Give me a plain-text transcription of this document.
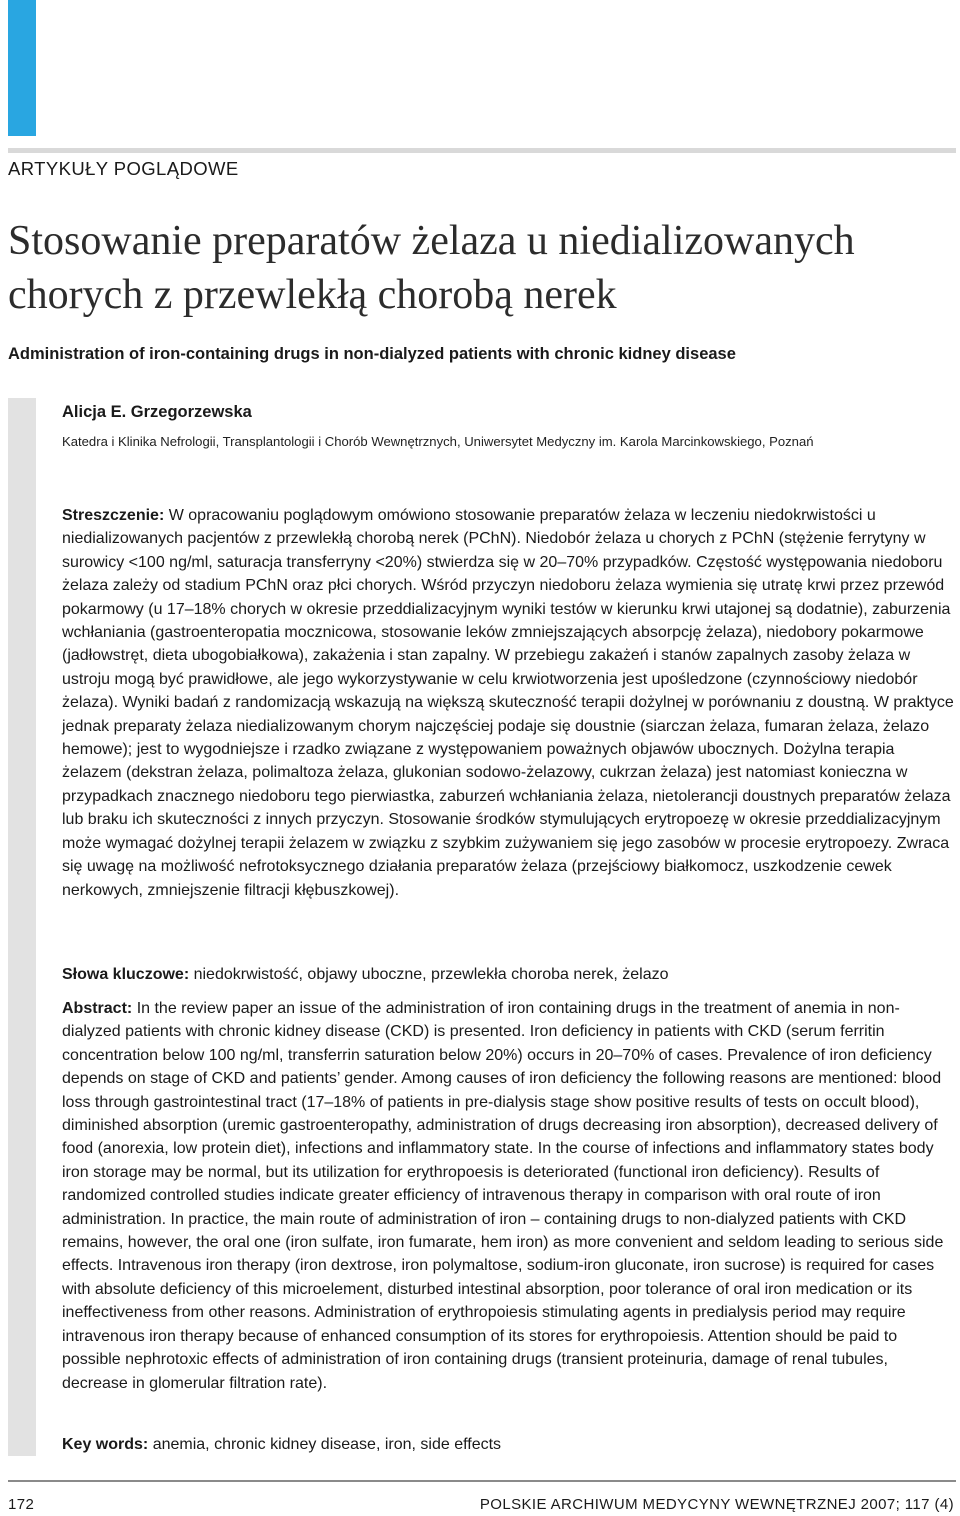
ARTYKUŁY POGLĄDOWE
Stosowanie preparatów żelaza u niedializowanych chorych z przewlekłą chorobą nerek
Administration of iron-containing drugs in non-dialyzed patients with chronic kidney disease
Alicja E. Grzegorzewska
Katedra i Klinika Nefrologii, Transplantologii i Chorób Wewnętrznych, Uniwersytet Medyczny im. Karola Marcinkowskiego, Poznań

Streszczenie: W opracowaniu poglądowym omówiono stosowanie preparatów żelaza w leczeniu niedokrwistości u niedializowanych pacjentów z przewlekłą chorobą nerek (PChN). Niedobór żelaza u chorych z PChN (stężenie ferrytyny w surowicy <100 ng/ml, saturacja transferryny <20%) stwierdza się w 20–70% przypadków. Częstość występowania niedoboru żelaza zależy od stadium PChN oraz płci chorych. Wśród przyczyn niedoboru żelaza wymienia się utratę krwi przez przewód pokarmowy (u 17–18% chorych w okresie przeddializacyjnym wyniki testów w kierunku krwi utajonej są dodatnie), zaburzenia wchłaniania (gastroenteropatia mocznicowa, stosowanie leków zmniejszających absorpcję żelaza), niedobory pokarmowe (jadłowstręt, dieta ubogobiałkowa), zakażenia i stan zapalny. W przebiegu zakażeń i stanów zapalnych zasoby żelaza w ustroju mogą być prawidłowe, ale jego wykorzystywanie w celu krwiotworzenia jest upośledzone (czynnościowy niedobór żelaza). Wyniki badań z randomizacją wskazują na większą skuteczność terapii dożylnej w porównaniu z doustną. W praktyce jednak preparaty żelaza niedializowanym chorym najczęściej podaje się doustnie (siarczan żelaza, fumaran żelaza, żelazo hemowe); jest to wygodniejsze i rzadko związane z występowaniem poważnych objawów ubocznych. Dożylna terapia żelazem (dekstran żelaza, polimaltoza żelaza, glukonian sodowo-żelazowy, cukrzan żelaza) jest natomiast konieczna w przypadkach znacznego niedoboru tego pierwiastka, zaburzeń wchłaniania żelaza, nietolerancji doustnych preparatów żelaza lub braku ich skuteczności z innych przyczyn. Stosowanie środków stymulujących erytropoezę w okresie przeddializacyjnym może wymagać dożylnej terapii żelazem w związku z szybkim zużywaniem się jego zasobów w procesie erytropoezy. Zwraca się uwagę na możliwość nefrotoksycznego działania preparatów żelaza (przejściowy białkomocz, uszkodzenie cewek nerkowych, zmniejszenie filtracji kłębuszkowej).

Słowa kluczowe: niedokrwistość, objawy uboczne, przewlekła choroba nerek, żelazo

Abstract: In the review paper an issue of the administration of iron containing drugs in the treatment of anemia in non-dialyzed patients with chronic kidney disease (CKD) is presented. Iron deficiency in patients with CKD (serum ferritin concentration below 100 ng/ml, transferrin saturation below 20%) occurs in 20–70% of cases. Prevalence of iron deficiency depends on stage of CKD and patients’ gender. Among causes of iron deficiency the following reasons are mentioned: blood loss through gastrointestinal tract (17–18% of patients in pre-dialysis stage show positive results of tests on occult blood), diminished absorption (uremic gastroenteropathy, administration of drugs decreasing iron absorption), decreased delivery of food (anorexia, low protein diet), infections and inflammatory state. In the course of infections and inflammatory states body iron storage may be normal, but its utilization for erythropoesis is deteriorated (functional iron deficiency). Results of randomized controlled studies indicate greater efficiency of intravenous therapy in comparison with oral route of iron administration. In practice, the main route of administration of iron – containing drugs to non-dialyzed patients with CKD remains, however, the oral one (iron sulfate, iron fumarate, hem iron) as more convenient and seldom leading to serious side effects. Intravenous iron therapy (iron dextrose, iron polymaltose, sodium-iron gluconate, iron sucrose) is required for cases with absolute deficiency of this microelement, disturbed intestinal absorption, poor tolerance of oral iron medication or its ineffectiveness from other reasons. Administration of erythropoiesis stimulating agents in predialysis period may require intravenous iron therapy because of enhanced consumption of its stores for erythropoiesis. Attention should be paid to possible nephrotoxic effects of administration of iron containing drugs (transient proteinuria, damage of renal tubules, decrease in glomerular filtration rate).

Key words: anemia, chronic kidney disease, iron, side effects

172	POLSKIE ARCHIWUM MEDYCYNY WEWNĘTRZNEJ 2007; 117 (4)
